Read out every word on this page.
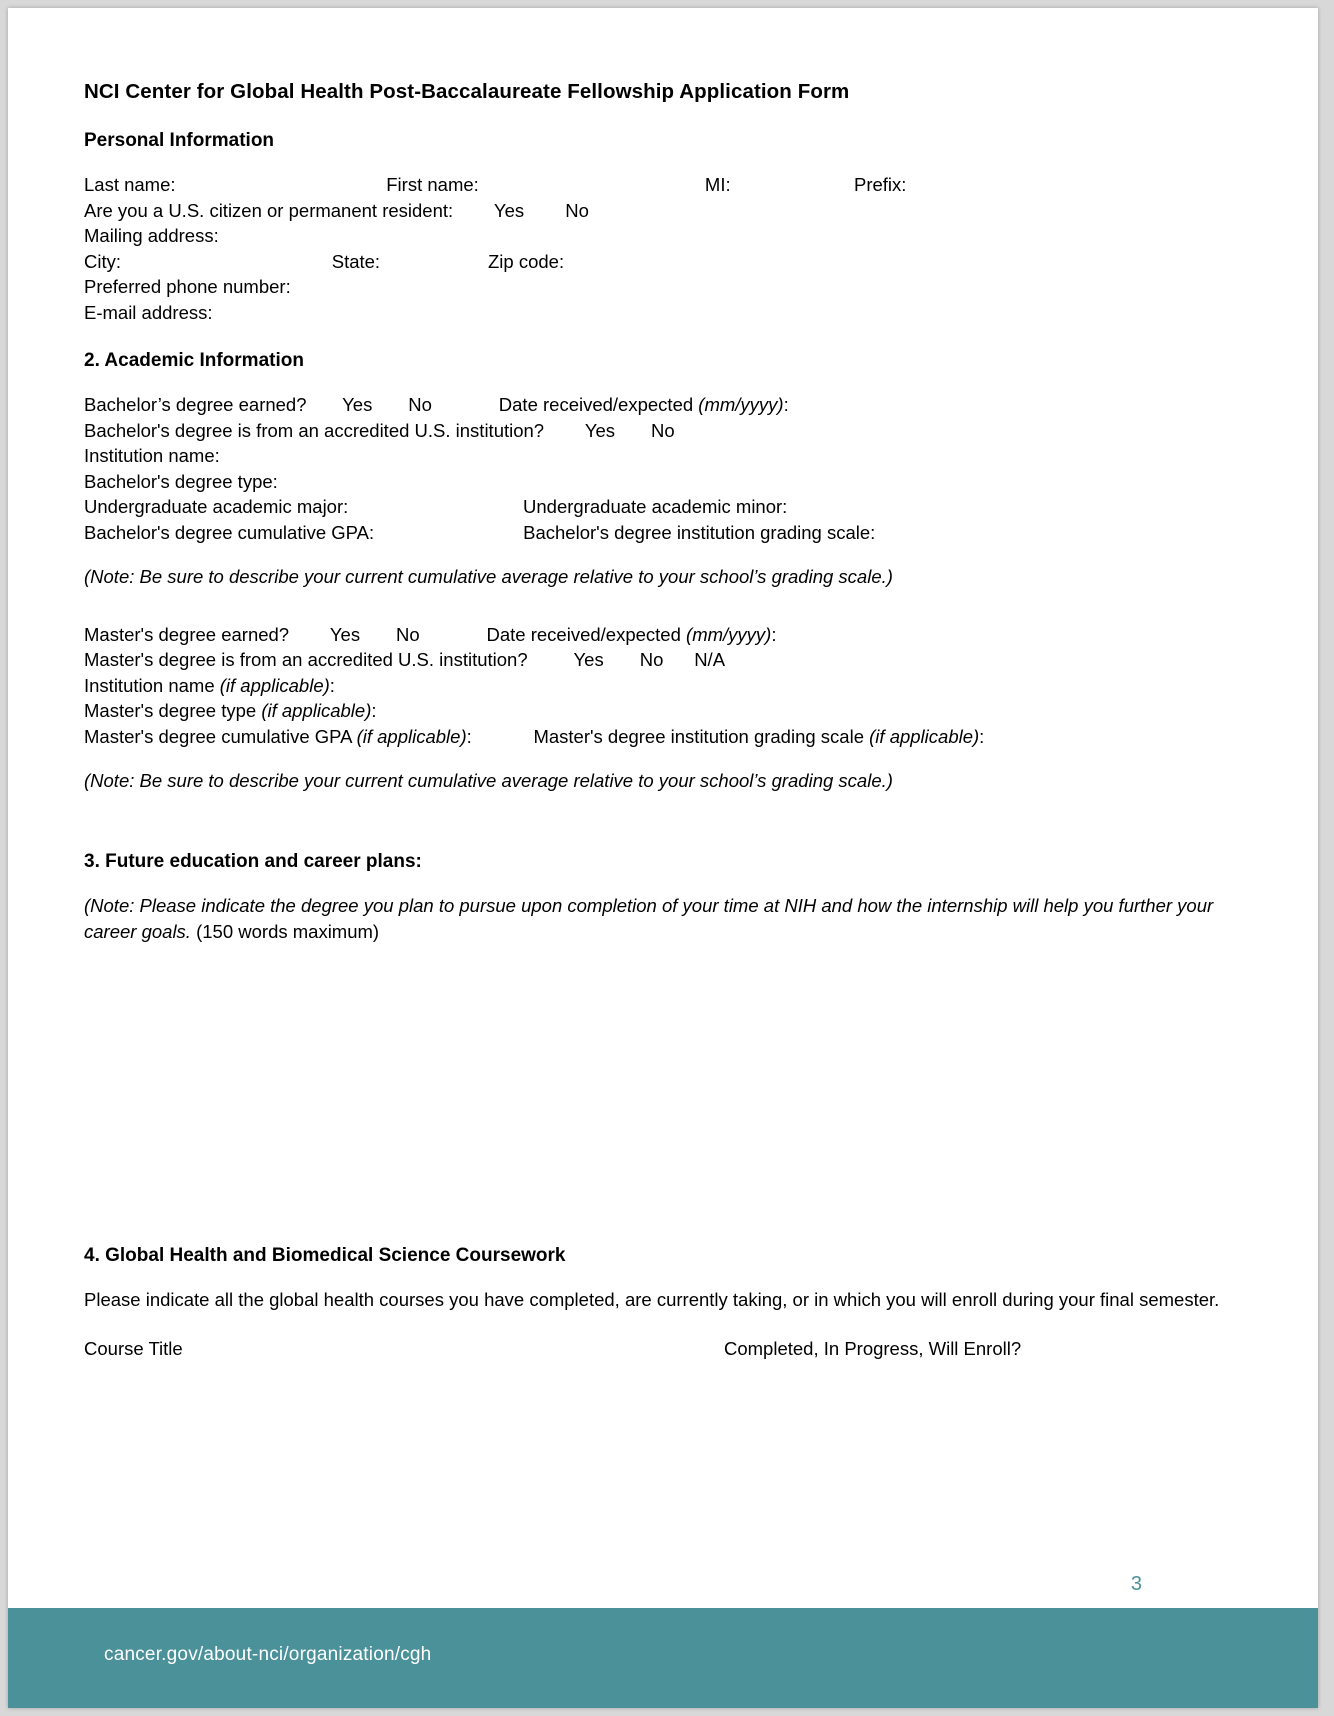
NCI Center for Global Health Post-Baccalaureate Fellowship Application Form
Personal Information

Last name:                                         First name:                                            MI:                        Prefix:

Are you a U.S. citizen or permanent resident:        Yes        No

Mailing address:

City:                                         State:                     Zip code:

Preferred phone number:

E-mail address:

2. Academic Information

Bachelor’s degree earned?       Yes       No             Date received/expected (mm/yyyy):

Bachelor's degree is from an accredited U.S. institution?        Yes       No

Institution name:

Bachelor's degree type:

Undergraduate academic major:                                  Undergraduate academic minor:

Bachelor's degree cumulative GPA:                             Bachelor's degree institution grading scale:

(Note: Be sure to describe your current cumulative average relative to your school’s grading scale.)

Master's degree earned?        Yes       No             Date received/expected (mm/yyyy):

Master's degree is from an accredited U.S. institution?         Yes       No      N/A

Institution name (if applicable):

Master's degree type (if applicable):

Master's degree cumulative GPA (if applicable):            Master's degree institution grading scale (if applicable):

(Note: Be sure to describe your current cumulative average relative to your school’s grading scale.)

3. Future education and career plans:

(Note: Please indicate the degree you plan to pursue upon completion of your time at NIH and how the internship will help you further your career goals. (150 words maximum)

4. Global Health and Biomedical Science Coursework

Please indicate all the global health courses you have completed, are currently taking, or in which you will enroll during your final semester.

Course Title	Completed, In Progress, Will Enroll?
3
cancer.gov/about-nci/organization/cgh
